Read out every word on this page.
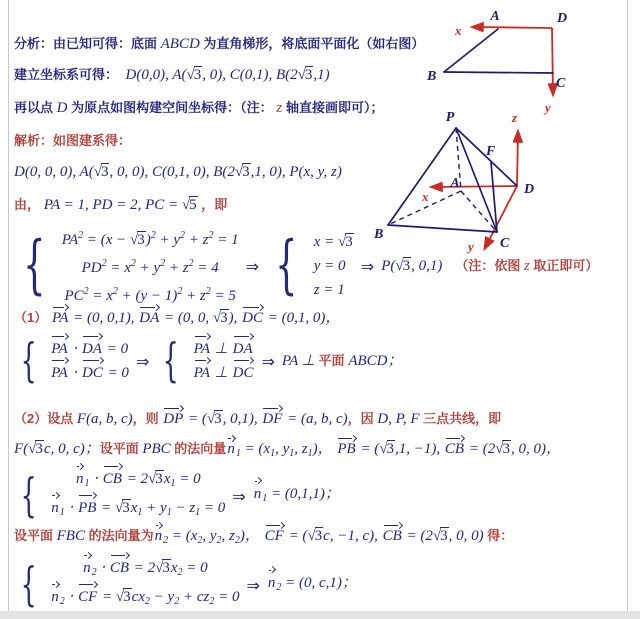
分析：由已知可得：底面 ABCD 为直角梯形，将底面平面化（如右图）
建立坐标系可得：  D(0,0), A(√3, 0), C(0,1), B(2√3,1)
再以点 D 为原点如图构建空间坐标得：（注： z 轴直接画即可）；
解析：如图建系得：
D(0, 0, 0), A(√3, 0, 0), C(0,1, 0), B(2√3,1, 0), P(x, y, z)
由， PA = 1, PD = 2, PC = √5 ，即
{ $PA^2 = (x - √3)^2 + y^2 + z^2 = 1$
$PD^2 = x^2 + y^2 + z^2 = 4$
$PC^2 = x^2 + (y - 1)^2 + z^2 = 5$
⇒ { x = √3
y = 0
z = 1
⇒ P(√3, 0,1) （注：依图 z 取正即可）
（1） PA = (0, 0,1), DA = (0, 0, √3), DC = (0,1, 0)，
{ PA ⋅ DA = 0
PA ⋅ DC = 0
⇒ { PA ⊥ DA
PA ⊥ DC
⇒ PA ⊥ 平面 ABCD；
（2）设点 F(a, b, c)，则 DP = (√3, 0,1), DF = (a, b, c)，因 D, P, F 三点共线，即
F(√3c, 0, c)；设平面 PBC 的法向量n1 = (x1, y1, z1)， PB = (√3,1, −1), CB = (2√3, 0, 0)，
{	n1 ⋅ CB = 2√3x1 = 0
n1 ⋅ PB = √3x1 + y1 − z1 = 0
⇒ n1 = (0,1,1)；
设平面 FBC 的法向量为n2 = (x2, y2, z2)， CF = (√3c, −1, c), CB = (2√3, 0, 0) 得：
{	n2 ⋅ CB = 2√3x2 = 0
n2 ⋅ CF = √3cx2 − y2 + cz2 = 0
⇒ n2 = (0, c,1)；
A	D
B	C
x
y
P
A
B
C
D
F
x
y
z
